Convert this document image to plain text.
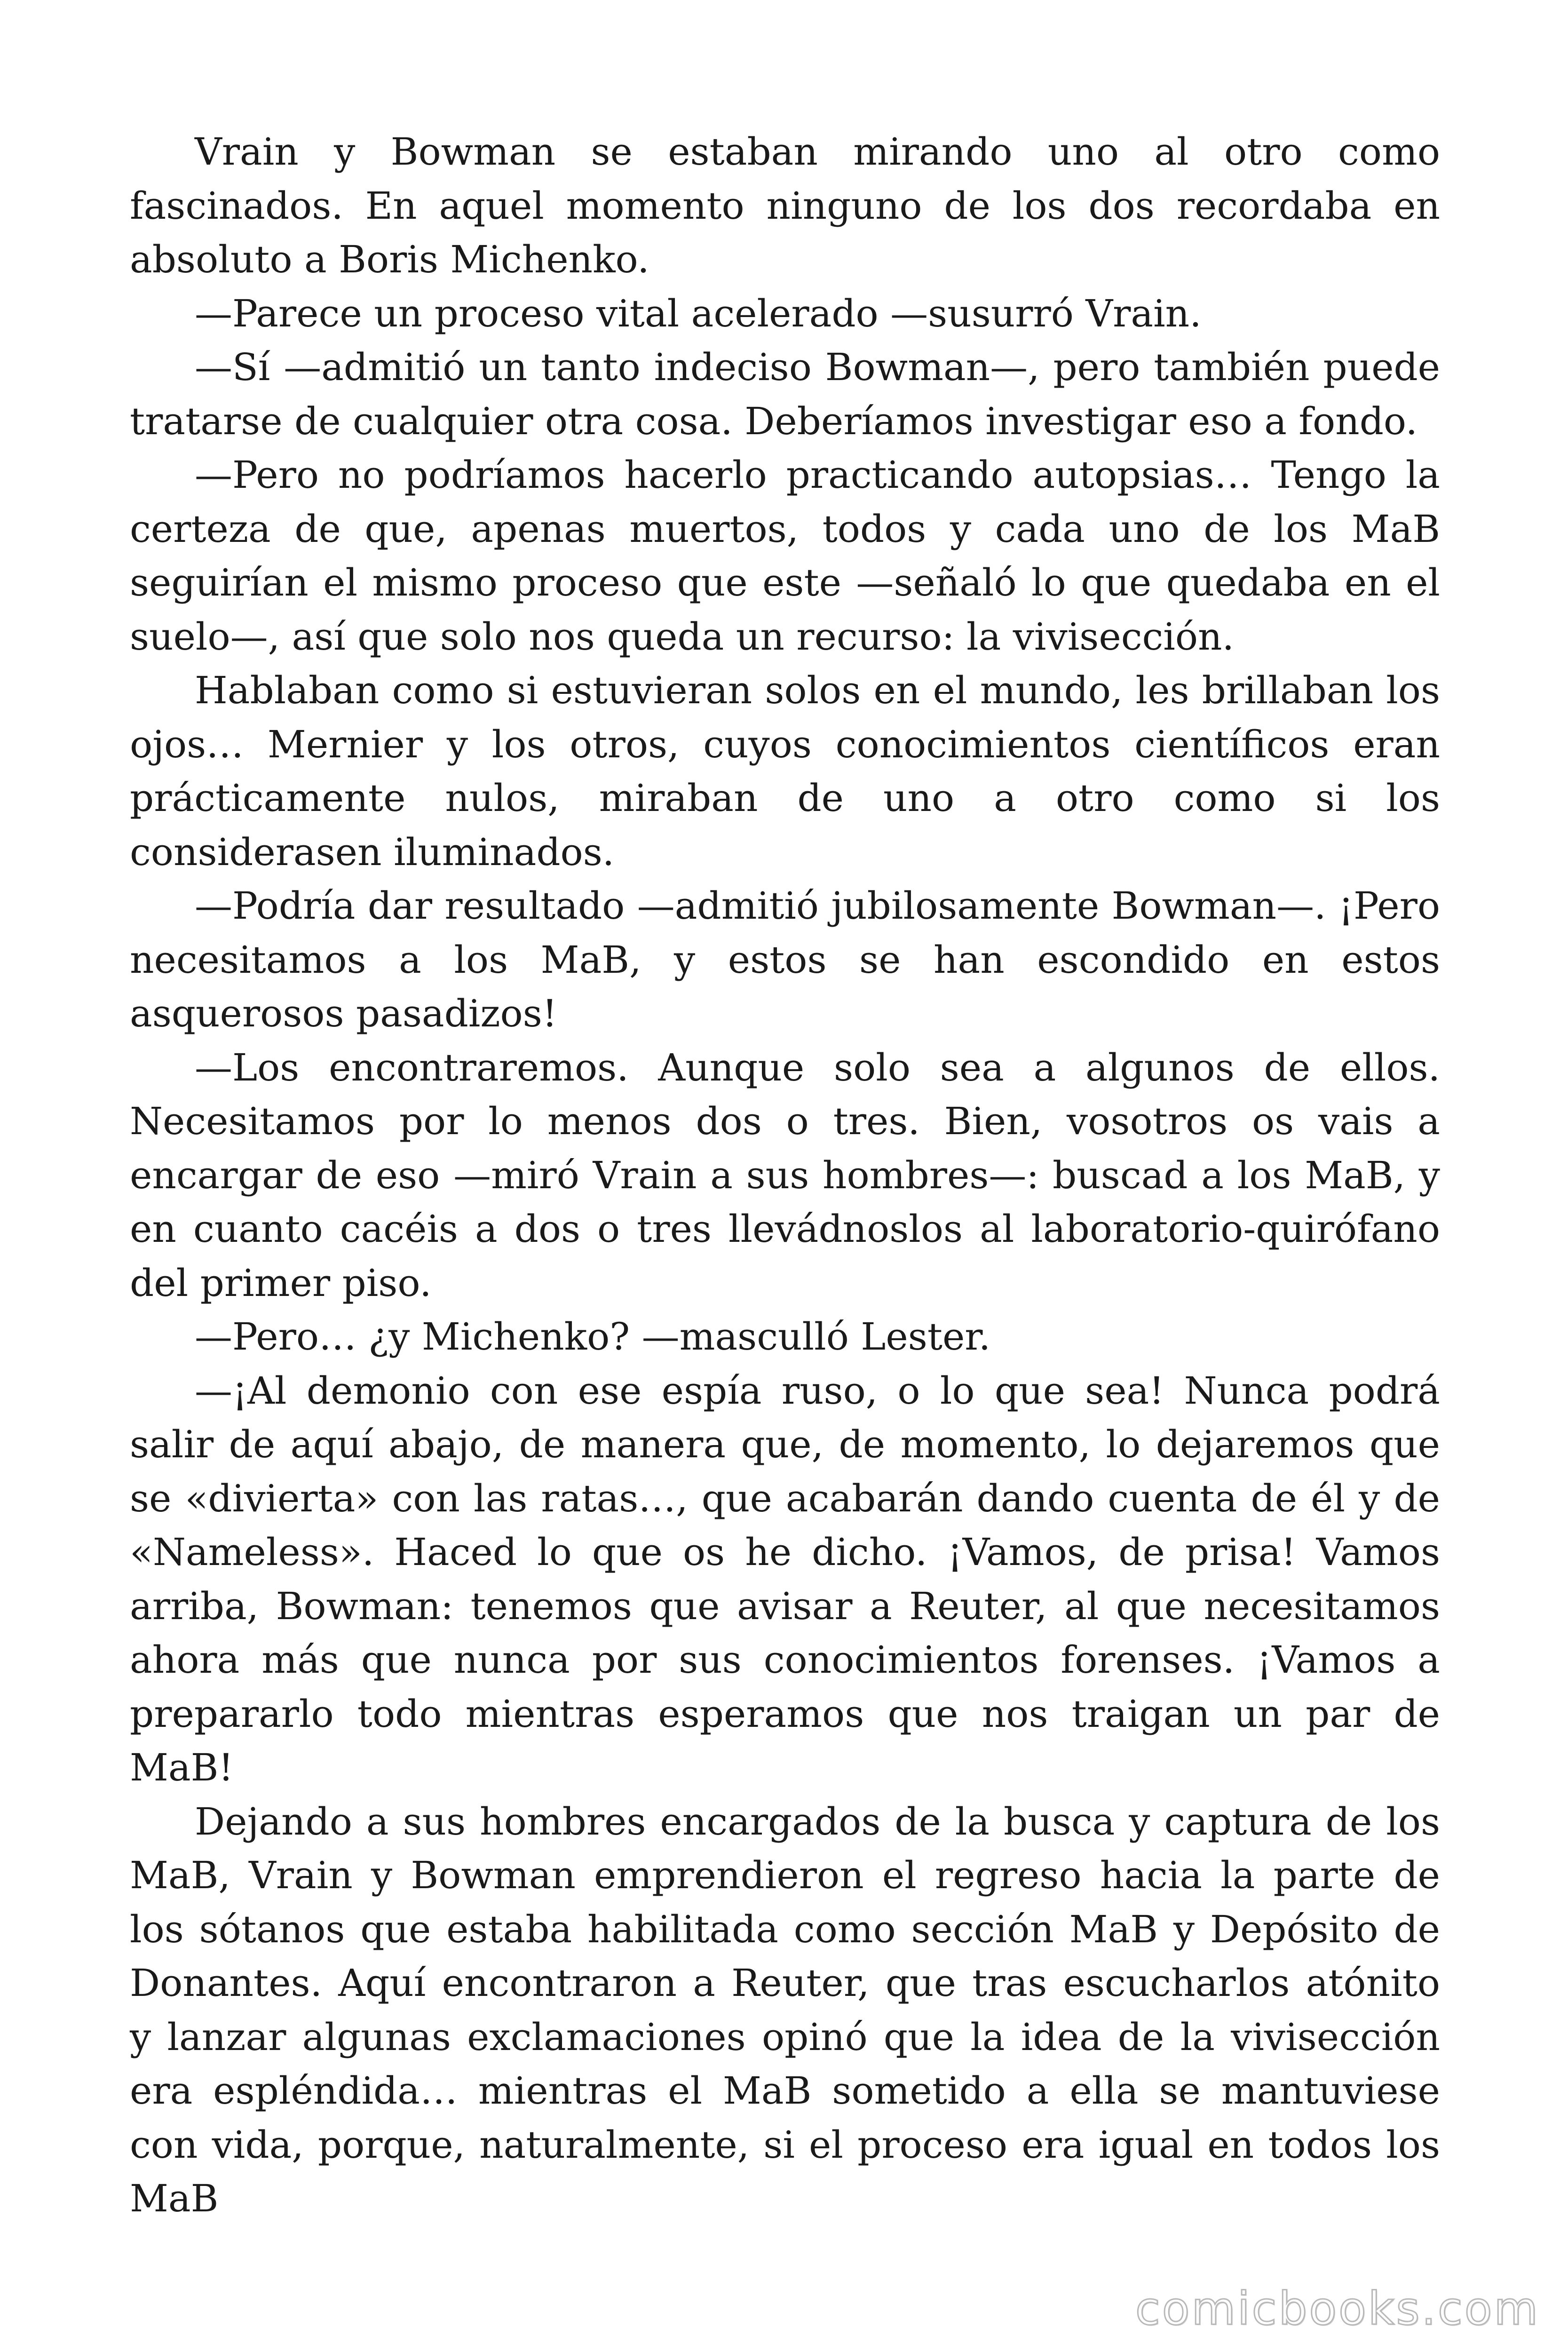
Vrain y Bowman se estaban mirando uno al otro como fascinados. En aquel momento ninguno de los dos recordaba en absoluto a Boris Michenko.

—Parece un proceso vital acelerado —susurró Vrain.

—Sí —admitió un tanto indeciso Bowman—, pero también puede tratarse de cualquier otra cosa. Deberíamos investigar eso a fondo.

—Pero no podríamos hacerlo practicando autopsias… Tengo la certeza de que, apenas muertos, todos y cada uno de los MaB seguirían el mismo proceso que este —señaló lo que quedaba en el suelo—, así que solo nos queda un recurso: la vivisección.

Hablaban como si estuvieran solos en el mundo, les brillaban los ojos… Mernier y los otros, cuyos conocimientos científicos eran prácticamente nulos, miraban de uno a otro como si los considerasen iluminados.

—Podría dar resultado —admitió jubilosamente Bowman—. ¡Pero necesitamos a los MaB, y estos se han escondido en estos asquerosos pasadizos!

—Los encontraremos. Aunque solo sea a algunos de ellos. Necesitamos por lo menos dos o tres. Bien, vosotros os vais a encargar de eso —miró Vrain a sus hombres—: buscad a los MaB, y en cuanto cacéis a dos o tres llevádnoslos al laboratorio-quirófano del primer piso.

—Pero… ¿y Michenko? —masculló Lester.

—¡Al demonio con ese espía ruso, o lo que sea! Nunca podrá salir de aquí abajo, de manera que, de momento, lo dejaremos que se «divierta» con las ratas…, que acabarán dando cuenta de él y de «Nameless». Haced lo que os he dicho. ¡Vamos, de prisa! Vamos arriba, Bowman: tenemos que avisar a Reuter, al que necesitamos ahora más que nunca por sus conocimientos forenses. ¡Vamos a prepararlo todo mientras esperamos que nos traigan un par de MaB!

Dejando a sus hombres encargados de la busca y captura de los MaB, Vrain y Bowman emprendieron el regreso hacia la parte de los sótanos que estaba habilitada como sección MaB y Depósito de Donantes. Aquí encontraron a Reuter, que tras escucharlos atónito y lanzar algunas exclamaciones opinó que la idea de la vivisección era espléndida… mientras el MaB sometido a ella se mantuviese con vida, porque, naturalmente, si el proceso era igual en todos los MaB

comicbooks.com
